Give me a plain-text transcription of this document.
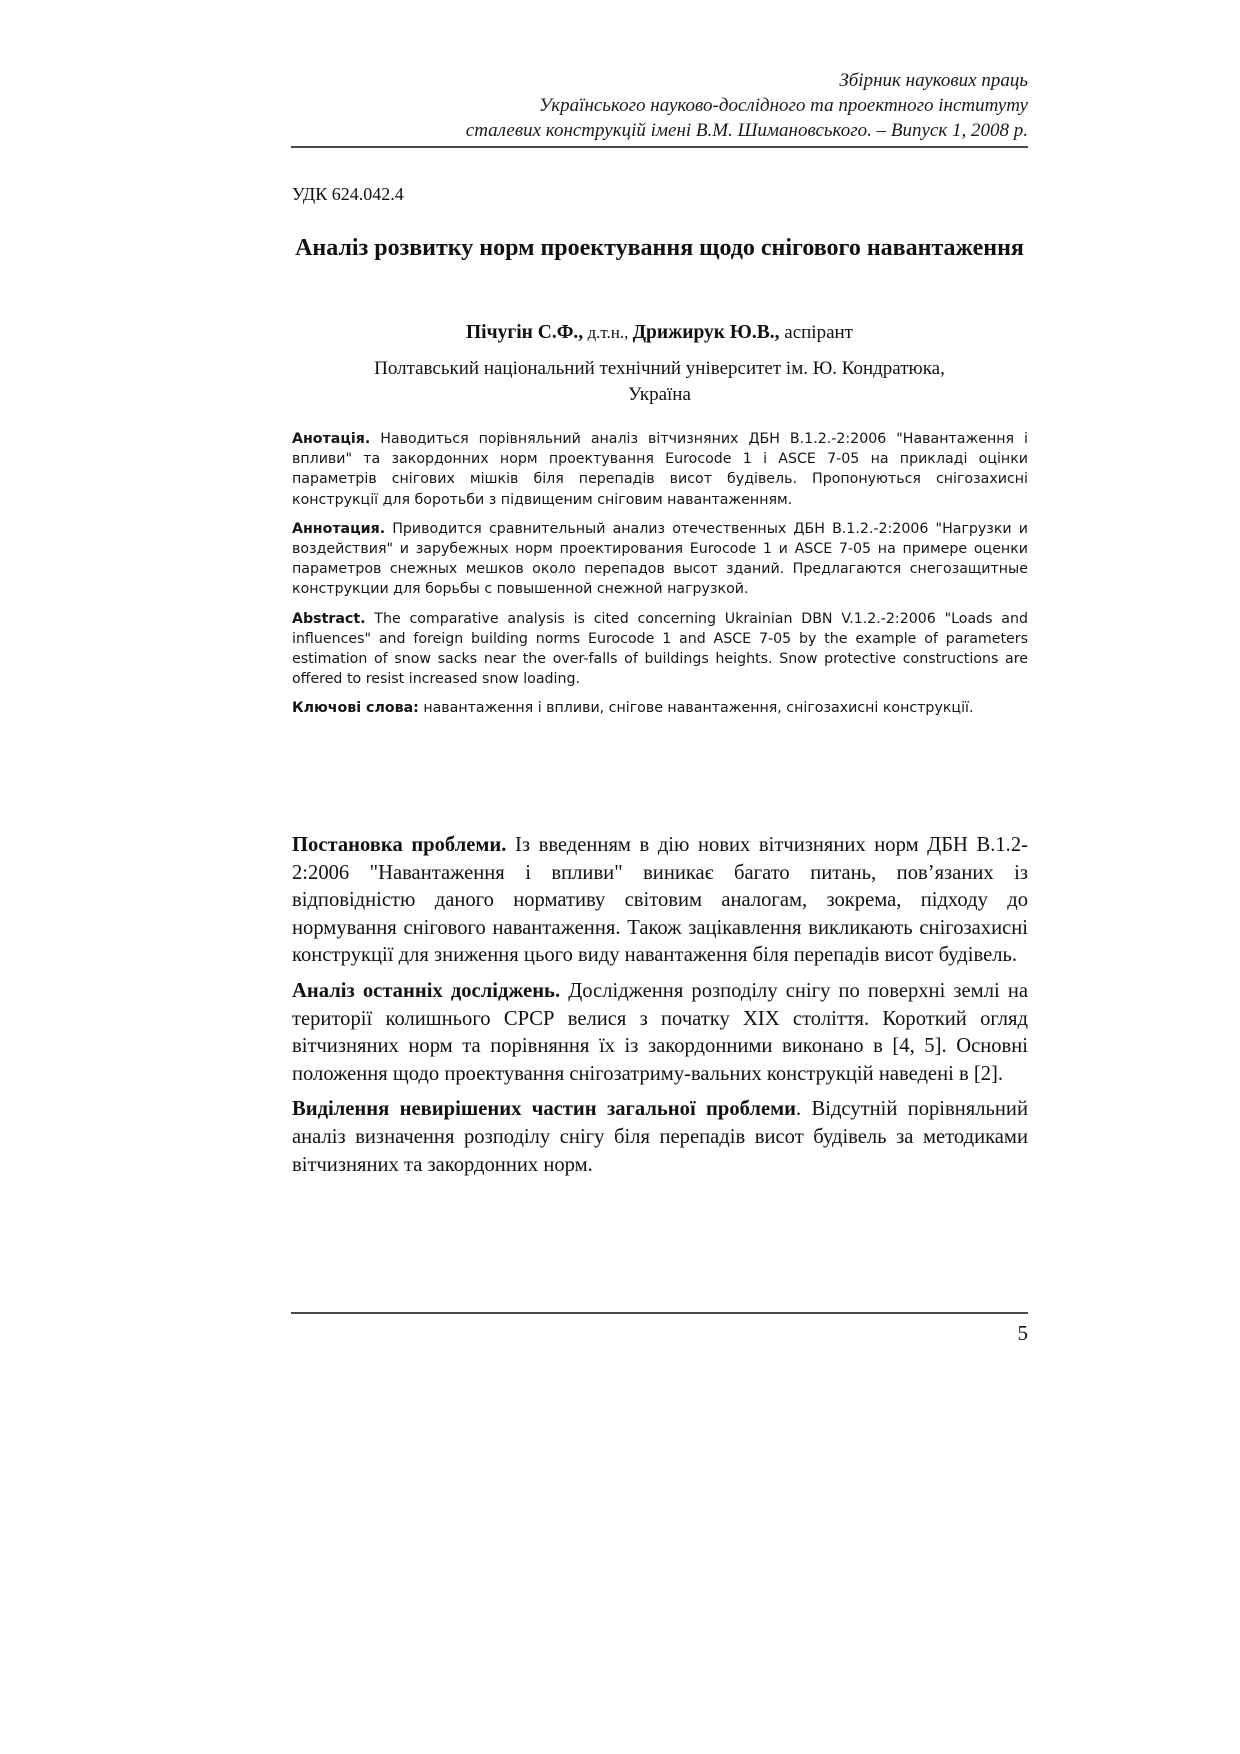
Збірник наукових праць
Українського науково-дослідного та проектного інституту
сталевих конструкцій імені В.М. Шимановського. – Випуск 1, 2008 р.
УДК 624.042.4
Аналіз розвитку норм проектування щодо снігового навантаження
Пічугін С.Ф., д.т.н., Дрижирук Ю.В., аспірант
Полтавський національний технічний університет ім. Ю. Кондратюка,
Україна

Анотація. Наводиться порівняльний аналіз вітчизняних ДБН В.1.2.-2:2006 "Навантаження і впливи" та закордонних норм проектування Eurocode 1 і ASCE 7-05 на прикладі оцінки параметрів снігових мішків біля перепадів висот будівель. Пропонуються снігозахисні конструкції для боротьби з підвищеним сніговим навантаженням.

Аннотация. Приводится сравнительный анализ отечественных ДБН В.1.2.-2:2006 "Нагрузки и воздействия" и зарубежных норм проектирования Eurocode 1 и ASCE 7-05 на примере оценки параметров снежных мешков около перепадов высот зданий. Предлагаются снегозащитные конструкции для борьбы с повышенной снежной нагрузкой.

Abstract. The comparative analysis is cited concerning Ukrainian DBN V.1.2.-2:2006 "Loads and influences" and foreign building norms Eurocode 1 and ASCE 7-05 by the example of parameters estimation of snow sacks near the over-falls of buildings heights. Snow protective constructions are offered to resist increased snow loading.

Ключові слова: навантаження і впливи, снігове навантаження, снігозахисні конструкції.

Постановка проблеми. Із введенням в дію нових вітчизняних норм ДБН В.1.2-2:2006 "Навантаження і впливи" виникає багато питань, пов’язаних із відповідністю даного нормативу світовим аналогам, зокрема, підходу до нормування снігового навантаження. Також зацікавлення викликають снігозахисні конструкції для зниження цього виду навантаження біля перепадів висот будівель.

Аналіз останніх досліджень. Дослідження розподілу снігу по поверхні землі на території колишнього СРСР велися з початку XIX століття. Короткий огляд вітчизняних норм та порівняння їх із закордонними виконано в [4, 5]. Основні положення щодо проектування снігозатриму-вальних конструкцій наведені в [2].

Виділення невирішених частин загальної проблеми. Відсутній порівняльний аналіз визначення розподілу снігу біля перепадів висот будівель за методиками вітчизняних та закордонних норм.

5
